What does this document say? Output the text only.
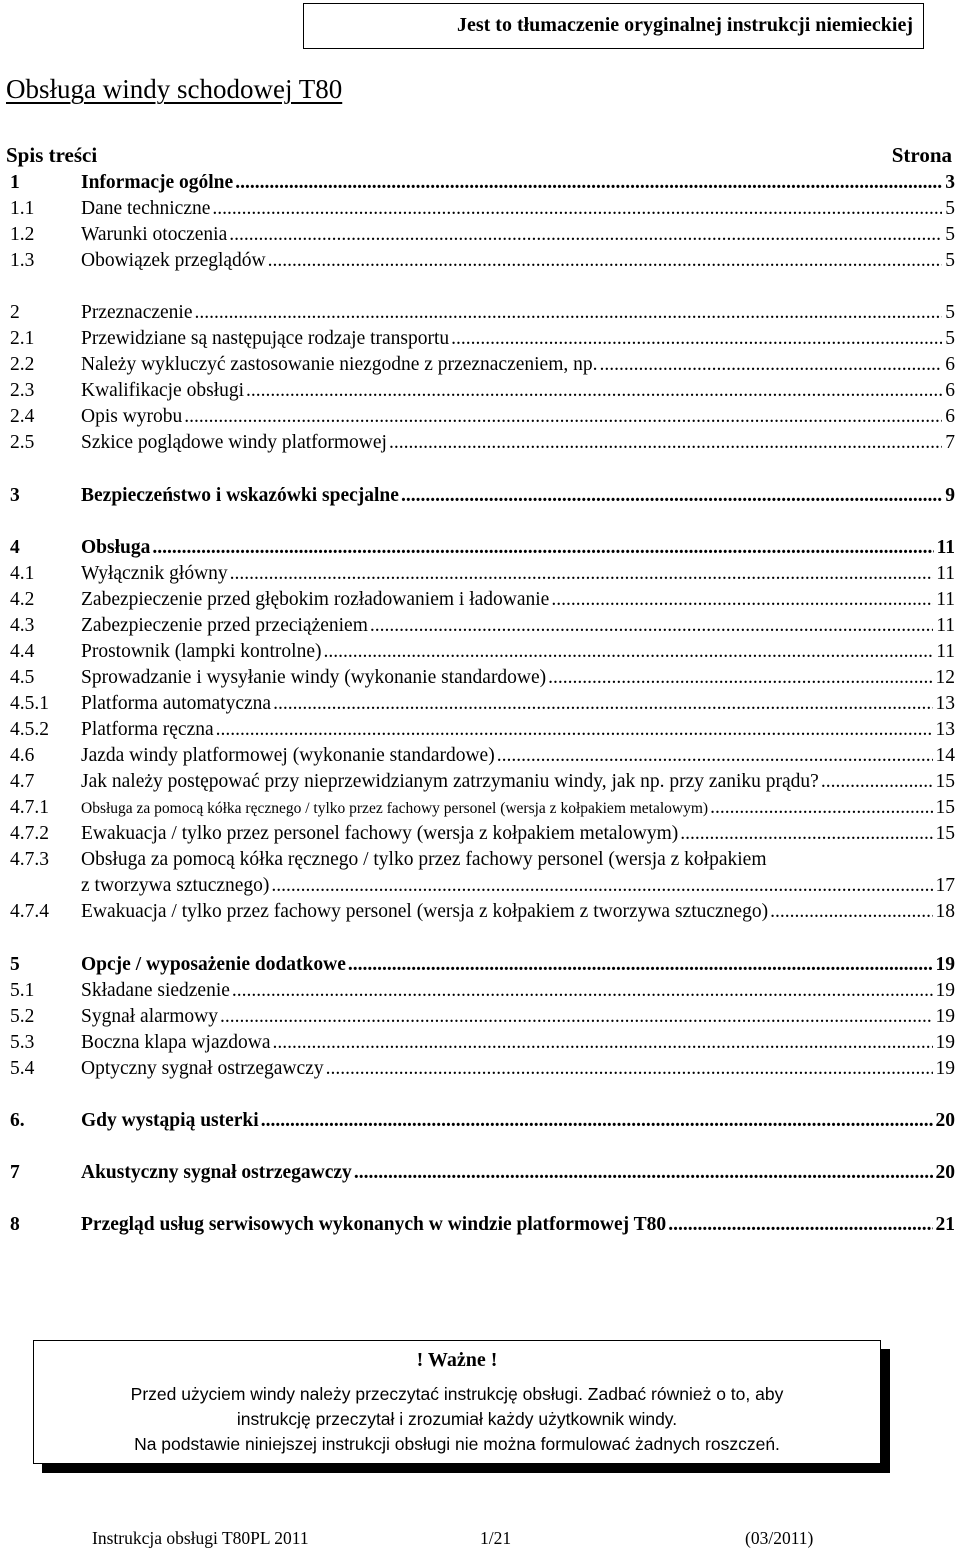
Jest to tłumaczenie oryginalnej instrukcji niemieckiej
Obsługa windy schodowej T80
Spis treści	Strona
1	Informacje ogólne .....	3
1.1 Dane techniczne .....	5
1.2 Warunki otoczenia .....	5
1.3 Obowiązek przeglądów .....	5
2	Przeznaczenie .....	5
2.1 Przewidziane są następujące rodzaje transportu .....	5
2.2 Należy wykluczyć zastosowanie niezgodne z przeznaczeniem, np. .....	6
2.3 Kwalifikacje obsługi .....	6
2.4 Opis wyrobu .....	6
2.5 Szkice poglądowe windy platformowej .....	7
3	Bezpieczeństwo i wskazówki specjalne .....	9
4	Obsługa .....	11
4.1 Wyłącznik główny .....	11
4.2 Zabezpieczenie przed głębokim rozładowaniem i ładowanie .....	11
4.3 Zabezpieczenie przed przeciążeniem .....	11
4.4 Prostownik (lampki kontrolne) .....	11
4.5 Sprowadzanie i wysyłanie windy (wykonanie standardowe) .....	12
4.5.1 Platforma automatyczna .....	13
4.5.2 Platforma ręczna .....	13
4.6 Jazda windy platformowej (wykonanie standardowe) .....	14
4.7 Jak należy postępować przy nieprzewidzianym zatrzymaniu windy, jak np. przy zaniku prądu? .....	15
4.7.1 Obsługa za pomocą kółka ręcznego / tylko przez fachowy personel (wersja z kołpakiem metalowym) .....	15
4.7.2 Ewakuacja / tylko przez personel fachowy (wersja z kołpakiem metalowym) .....	15
4.7.3 Obsługa za pomocą kółka ręcznego / tylko przez fachowy personel (wersja z kołpakiem
z tworzywa sztucznego) .....	17
4.7.4 Ewakuacja / tylko przez fachowy personel (wersja z kołpakiem z tworzywa sztucznego) .....	18
5	Opcje / wyposażenie dodatkowe .....	19
5.1 Składane siedzenie .....	19
5.2 Sygnał alarmowy .....	19
5.3 Boczna klapa wjazdowa .....	19
5.4 Optyczny sygnał ostrzegawczy .....	19
6.	Gdy wystąpią usterki .....	20
7	Akustyczny sygnał ostrzegawczy .....	20
8	Przegląd usług serwisowych wykonanych w windzie platformowej T80 .....	21
! Ważne !
Przed użyciem windy należy przeczytać instrukcję obsługi. Zadbać również o to, aby
instrukcję przeczytał i zrozumiał każdy użytkownik windy.
Na podstawie niniejszej instrukcji obsługi nie można formulować żadnych roszczeń.
Instrukcja obsługi T80PL 2011	1/21	(03/2011)
